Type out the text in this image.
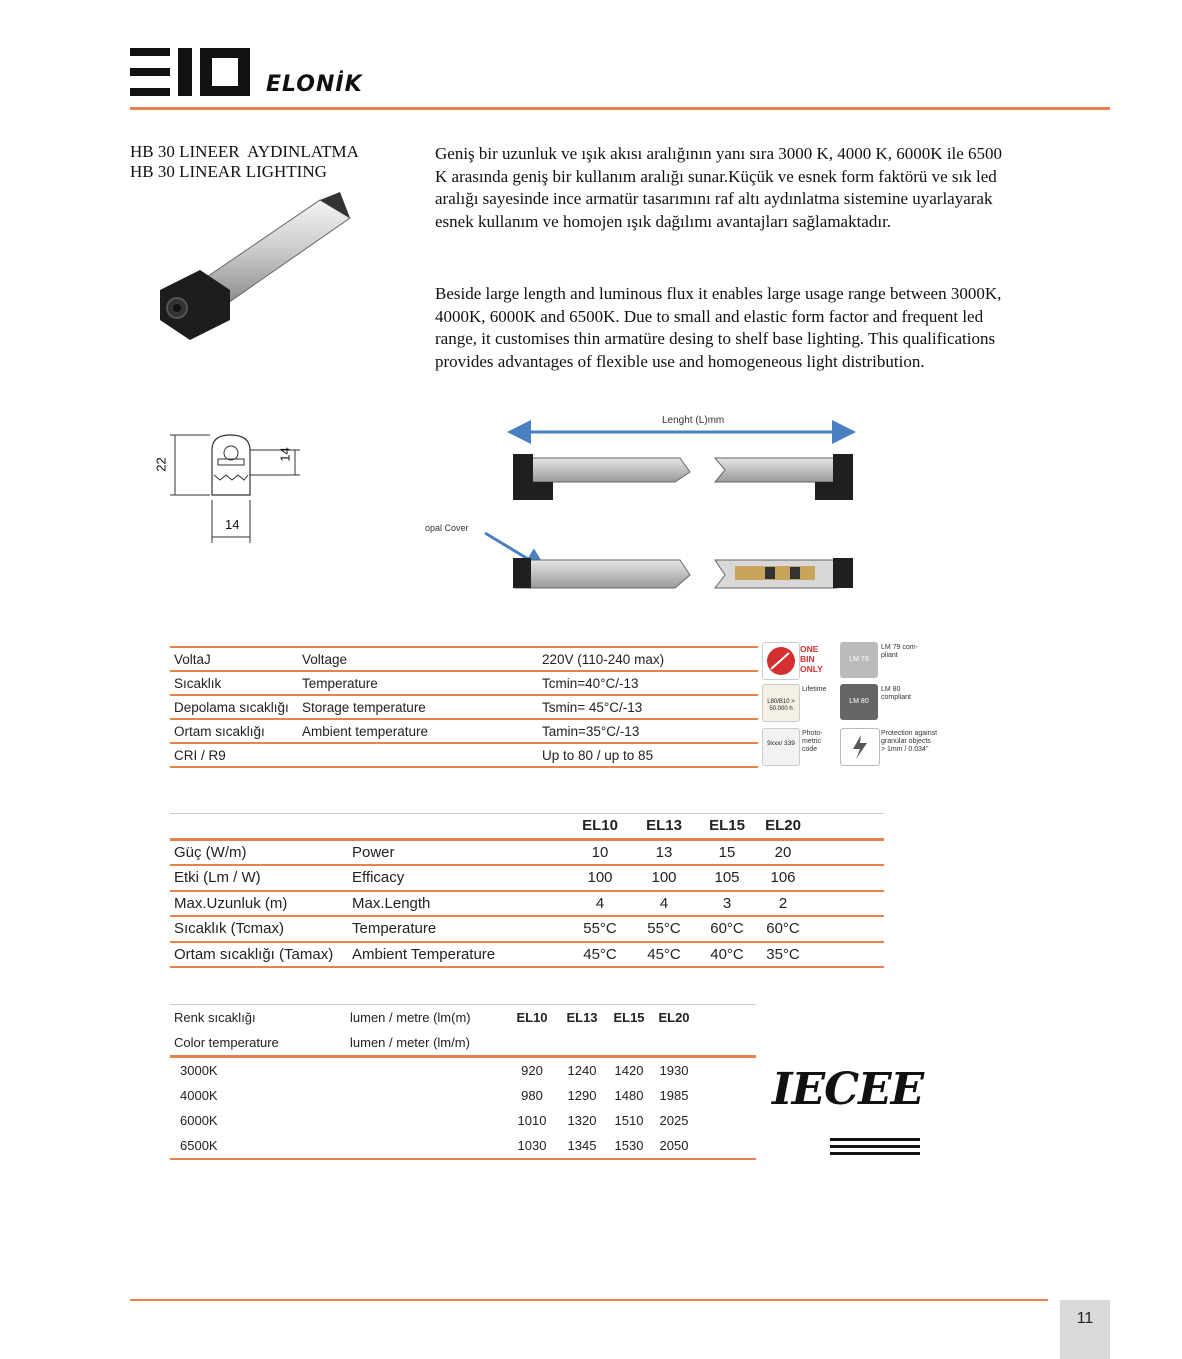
ELONİK
HB 30 LINEER  AYDINLATMA
HB 30 LINEAR LIGHTING
Geniş bir uzunluk ve ışık akısı aralığının yanı sıra 3000 K, 4000 K, 6000K ile 6500 K arasında geniş bir kullanım aralığı sunar.Küçük ve esnek form faktörü ve sık led aralığı sayesinde ince armatür tasarımını raf altı aydınlatma sistemine uyarlayarak esnek kullanım ve homojen ışık dağılımı avantajları sağlamaktadır.
Beside large length and luminous flux it enables large usage range between 3000K, 4000K, 6000K and 6500K. Due to small and elastic form factor and frequent led range, it customises thin armatüre desing to shelf base lighting. This qualifications provides advantages of flexible use and homogeneous light distribution.
22
14
14
Lenght (L)mm
opal Cover
VoltaJ	Voltage	220V (110-240 max)
Sıcaklık	Temperature	Tcmin=40°C/-13
Depolama sıcaklığı	Storage temperature	Tsmin= 45°C/-13
Ortam sıcaklığı	Ambient temperature	Tamin=35°C/-13
CRI / R9		Up to 80 / up to 85
ONE BIN ONLY
LM 79
LM 79 com- pliant
L80/B10 > 50.000 h
Lifetime
LM 80
LM 80 compliant
9xxx/ 339
Photo- metric code
Protection against granular objects
> 1mm / 0.034"
		EL10	EL13	EL15	EL20	
Güç (W/m)	Power	10	13	15	20	
Etki (Lm / W)	Efficacy	100	100	105	106	
Max.Uzunluk (m)	Max.Length	4	4	3	2	
Sıcaklık (Tcmax)	Temperature	55°C	55°C	60°C	60°C	
Ortam sıcaklığı (Tamax)	Ambient Temperature	45°C	45°C	40°C	35°C	
Renk sıcaklığı	lumen / metre (lm(m)	EL10	EL13	EL15	EL20	
Color temperature	lumen / meter (lm/m)					
3000K		920	1240	1420	1930	
4000K		980	1290	1480	1985	
6000K		1010	1320	1510	2025	
6500K		1030	1345	1530	2050	
IECEE
11
